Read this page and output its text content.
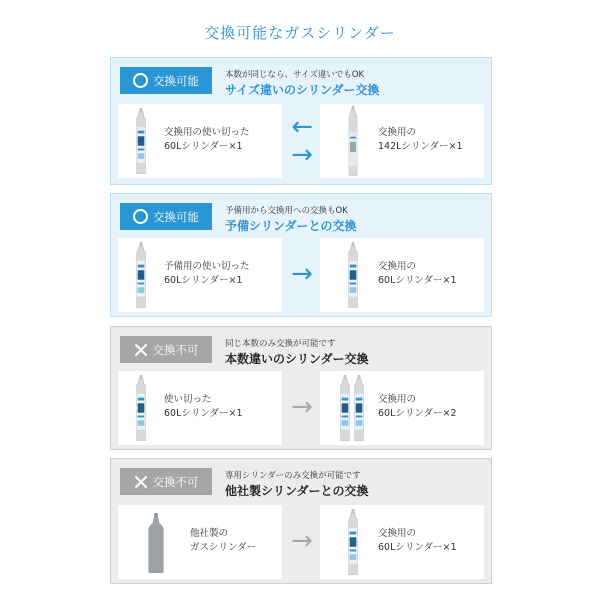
交換可能なガスシリンダー
交換可能	本数が同じなら、サイズ違いでもOK
サイズ違いのシリンダー交換
交換用の使い切った
60Lシリンダー×1
←
→
交換用の
142Lシリンダー×1
交換可能	予備用から交換用への交換もOK
予備シリンダーとの交換
予備用の使い切った
60Lシリンダー×1	→	交換用の
60Lシリンダー×1
交換不可	同じ本数のみ交換が可能です
本数違いのシリンダー交換
使い切った
60Lシリンダー×1	→	交換用の
60Lシリンダー×2
交換不可	専用シリンダーのみ交換が可能です
他社製シリンダーとの交換
他社製の
ガスシリンダー	→	交換用の
60Lシリンダー×1
